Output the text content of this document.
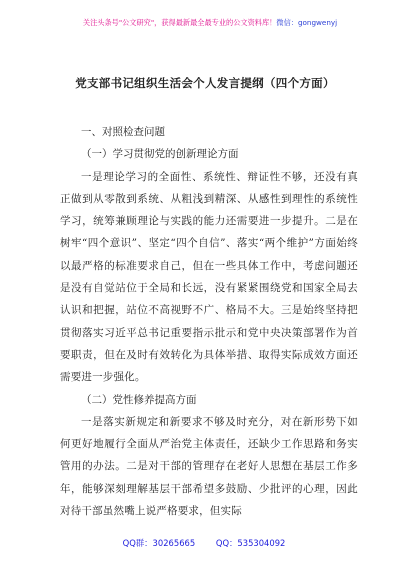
关注头条号"公文研究"，获得最新最全最专业的公文资料库！微信：gongwenyj
党支部书记组织生活会个人发言提纲（四个方面）

一、对照检查问题

（一）学习贯彻党的创新理论方面

一是理论学习的全面性、系统性、辩证性不够，还没有真正做到从零散到系统、从粗浅到精深、从感性到理性的系统性学习，统筹兼顾理论与实践的能力还需要进一步提升。二是在树牢“四个意识”、坚定“四个自信”、落实“两个维护”方面始终以最严格的标准要求自己，但在一些具体工作中，考虑问题还是没有自觉站位于全局和长远，没有紧紧围绕党和国家全局去认识和把握，站位不高视野不广、格局不大。三是始终坚持把贯彻落实习近平总书记重要指示批示和党中央决策部署作为首要职责，但在及时有效转化为具体举措、取得实际成效方面还需要进一步强化。

（二）党性修养提高方面

一是落实新规定和新要求不够及时充分，对在新形势下如何更好地履行全面从严治党主体责任，还缺少工作思路和务实管用的办法。二是对干部的管理存在老好人思想在基层工作多年，能够深刻理解基层干部希望多鼓励、少批评的心理，因此对待干部虽然嘴上说严格要求，但实际

QQ群：30265665 QQ：535304092
